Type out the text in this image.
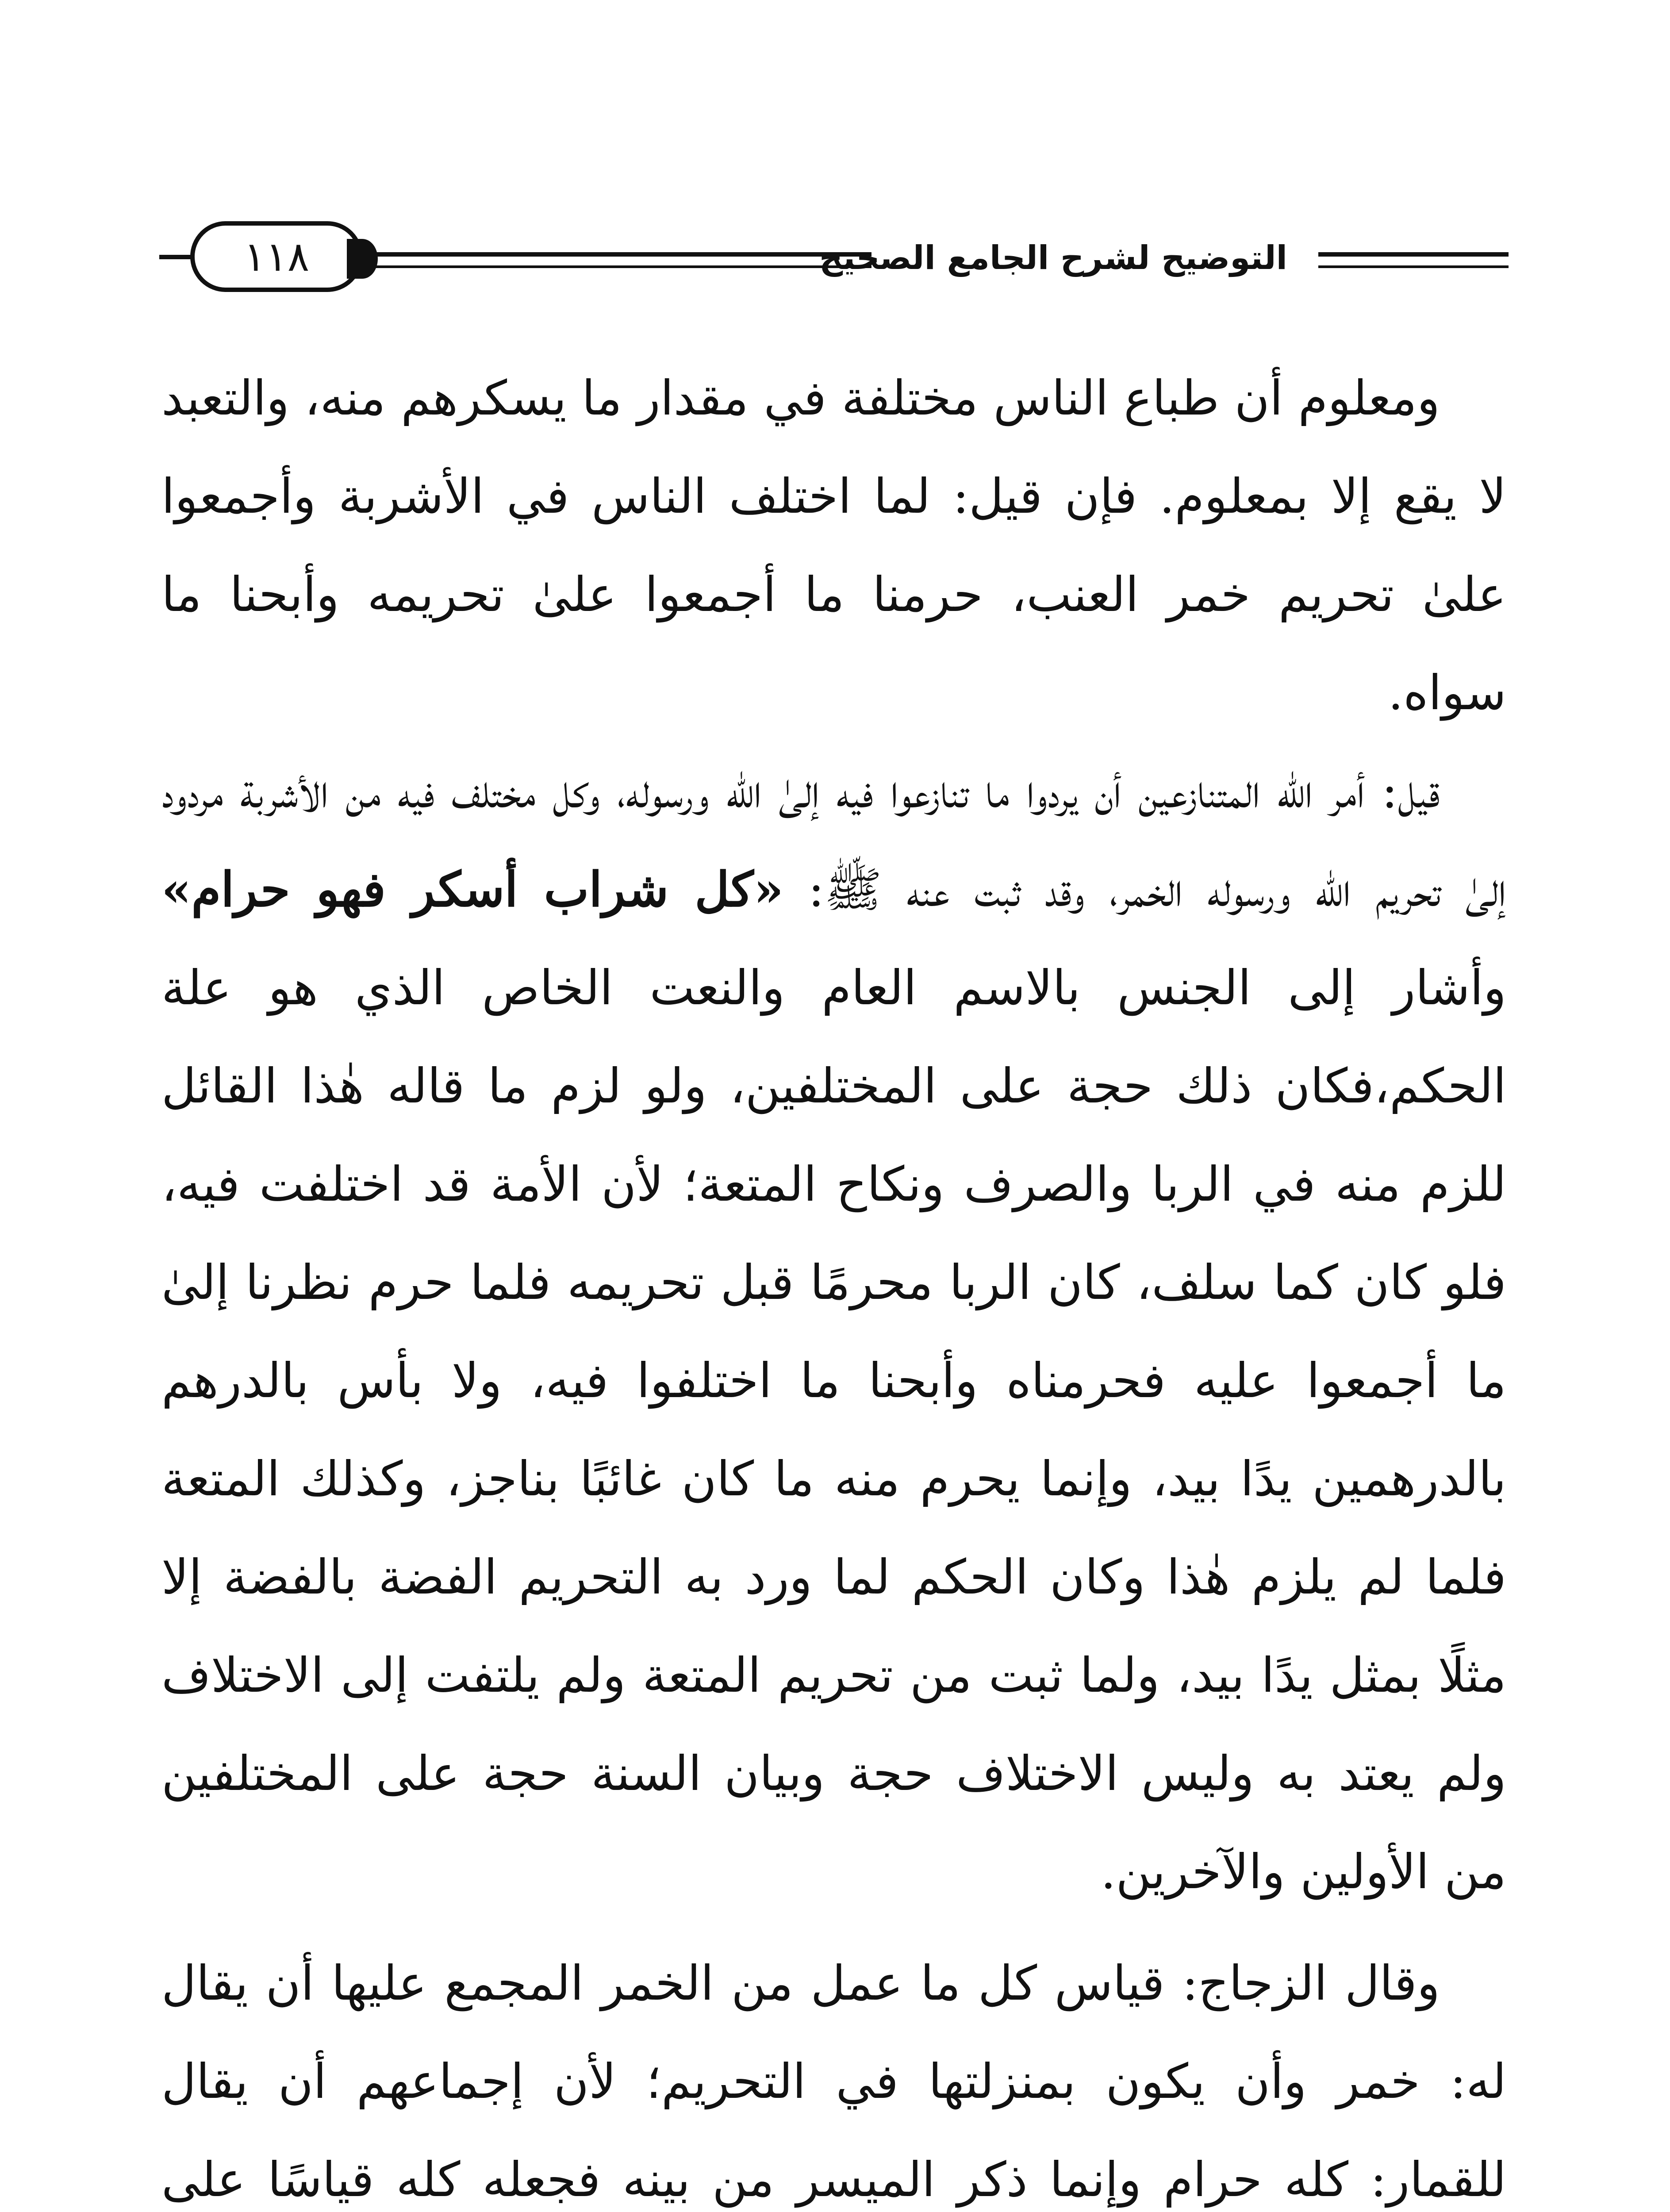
التوضيح لشرح الجامع الصحيح
١١٨

ومعلوم أن طباع الناس مختلفة في مقدار ما يسكرهم منه، والتعبد لا يقع إلا بمعلوم. فإن قيل: لما اختلف الناس في الأشربة وأجمعوا علىٰ تحريم خمر العنب، حرمنا ما أجمعوا علىٰ تحريمه وأبحنا ما سواه.

قيل: أمر الله المتنازعين أن يردوا ما تنازعوا فيه إلىٰ الله ورسوله، وكل مختلف فيه من الأشربة مردود إلىٰ تحريم الله ورسوله الخمر، وقد ثبت عنه ﷺ: «كل شراب أسكر فهو حرام» وأشار إلى الجنس بالاسم العام والنعت الخاص الذي هو علة الحكم،فكان ذلك حجة على المختلفين، ولو لزم ما قاله هٰذا القائل للزم منه في الربا والصرف ونكاح المتعة؛ لأن الأمة قد اختلفت فيه، فلو كان كما سلف، كان الربا محرمًا قبل تحريمه فلما حرم نظرنا إلىٰ ما أجمعوا عليه فحرمناه وأبحنا ما اختلفوا فيه، ولا بأس بالدرهم بالدرهمين يدًا بيد، وإنما يحرم منه ما كان غائبًا بناجز، وكذلك المتعة فلما لم يلزم هٰذا وكان الحكم لما ورد به التحريم الفضة بالفضة إلا مثلًا بمثل يدًا بيد، ولما ثبت من تحريم المتعة ولم يلتفت إلى الاختلاف ولم يعتد به وليس الاختلاف حجة وبيان السنة حجة على المختلفين من الأولين والآخرين.

وقال الزجاج: قياس كل ما عمل من الخمر المجمع عليها أن يقال له: خمر وأن يكون بمنزلتها في التحريم؛ لأن إجماعهم أن يقال للقمار: كله حرام وإنما ذكر الميسر من بينه فجعله كله قياسًا على
